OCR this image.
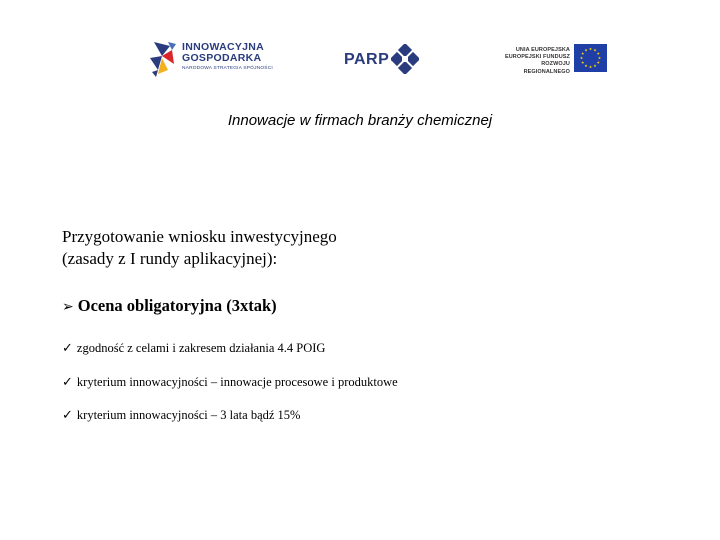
INNOWACYJNA
GOSPODARKA
NARODOWA STRATEGIA SPÓJNOŚCI
PARP
UNIA EUROPEJSKA
EUROPEJSKI FUNDUSZ
ROZWOJU REGIONALNEGO
Innowacje w firmach branży chemicznej
Przygotowanie wniosku inwestycyjnego
(zasady z I rundy aplikacyjnej):
➢ Ocena obligatoryjna (3xtak)
✓ zgodność z celami i zakresem działania 4.4 POIG
✓ kryterium innowacyjności – innowacje procesowe i produktowe
✓ kryterium innowacyjności – 3 lata bądź 15%
